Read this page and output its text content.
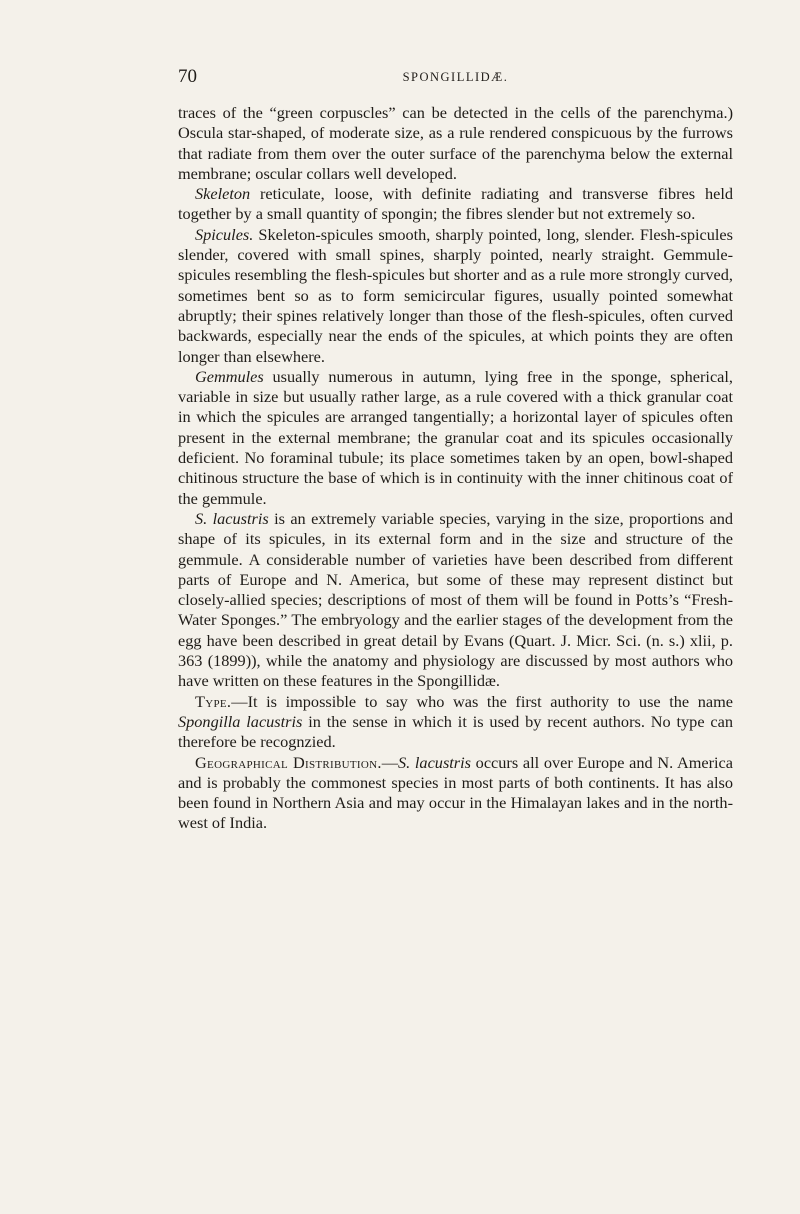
70	SPONGILLIDÆ.

traces of the “green corpuscles” can be detected in the cells of the parenchyma.) Oscula star-shaped, of moderate size, as a rule rendered conspicuous by the furrows that radiate from them over the outer surface of the parenchyma below the external membrane; oscular collars well developed.

Skeleton reticulate, loose, with definite radiating and transverse fibres held together by a small quantity of spongin; the fibres slender but not extremely so.

Spicules. Skeleton-spicules smooth, sharply pointed, long, slender. Flesh-spicules slender, covered with small spines, sharply pointed, nearly straight. Gemmule-spicules resembling the flesh-spicules but shorter and as a rule more strongly curved, sometimes bent so as to form semicircular figures, usually pointed somewhat abruptly; their spines relatively longer than those of the flesh-spicules, often curved backwards, especially near the ends of the spicules, at which points they are often longer than elsewhere.

Gemmules usually numerous in autumn, lying free in the sponge, spherical, variable in size but usually rather large, as a rule covered with a thick granular coat in which the spicules are arranged tangentially; a horizontal layer of spicules often present in the external membrane; the granular coat and its spicules occasionally deficient. No foraminal tubule; its place sometimes taken by an open, bowl-shaped chitinous structure the base of which is in continuity with the inner chitinous coat of the gemmule.

S. lacustris is an extremely variable species, varying in the size, proportions and shape of its spicules, in its external form and in the size and structure of the gemmule. A considerable number of varieties have been described from different parts of Europe and N. America, but some of these may represent distinct but closely-allied species; descriptions of most of them will be found in Potts’s “Fresh-Water Sponges.” The embryology and the earlier stages of the development from the egg have been described in great detail by Evans (Quart. J. Micr. Sci. (n. s.) xlii, p. 363 (1899)), while the anatomy and physiology are discussed by most authors who have written on these features in the Spongillidæ.

Type.—It is impossible to say who was the first authority to use the name Spongilla lacustris in the sense in which it is used by recent authors. No type can therefore be recognzied.

Geographical Distribution.—S. lacustris occurs all over Europe and N. America and is probably the commonest species in most parts of both continents. It has also been found in Northern Asia and may occur in the Himalayan lakes and in the north-west of India.
